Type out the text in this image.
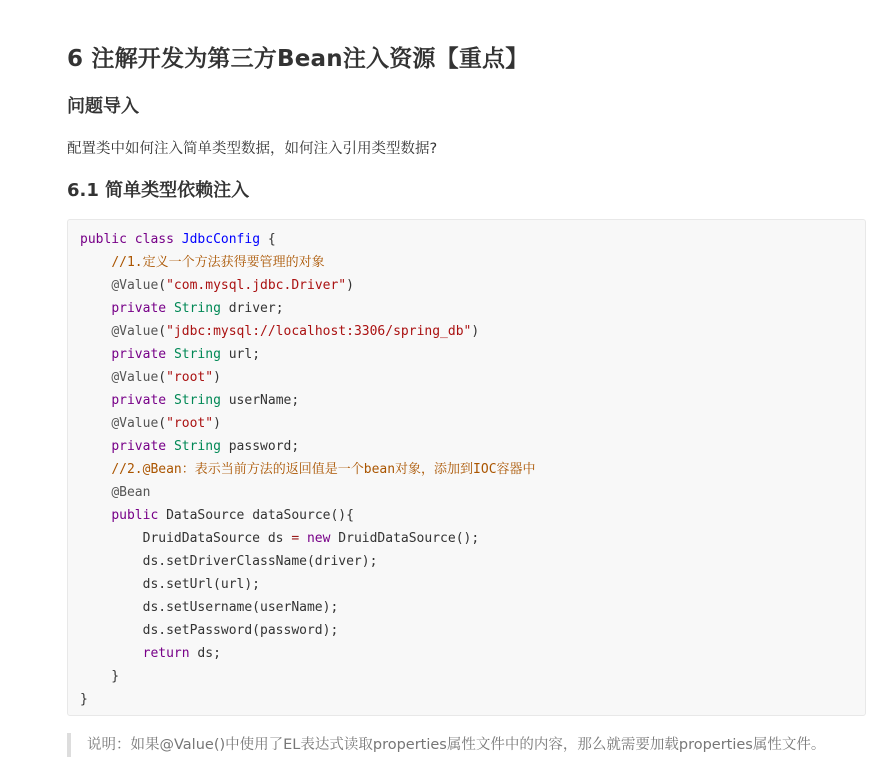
6 注解开发为第三方Bean注入资源【重点】
问题导入

配置类中如何注入简单类型数据，如何注入引用类型数据?

6.1 简单类型依赖注入
public class JdbcConfig {
//1.定义一个方法获得要管理的对象
@Value("com.mysql.jdbc.Driver")
private String driver;
@Value("jdbc:mysql://localhost:3306/spring_db")
private String url;
@Value("root")
private String userName;
@Value("root")
private String password;
//2.@Bean：表示当前方法的返回值是一个bean对象，添加到IOC容器中
@Bean
public DataSource dataSource(){
DruidDataSource ds = new DruidDataSource();
ds.setDriverClassName(driver);
ds.setUrl(url);
ds.setUsername(userName);
ds.setPassword(password);
return ds;
}
}
说明：如果@Value()中使用了EL表达式读取properties属性文件中的内容，那么就需要加载properties属性文件。
